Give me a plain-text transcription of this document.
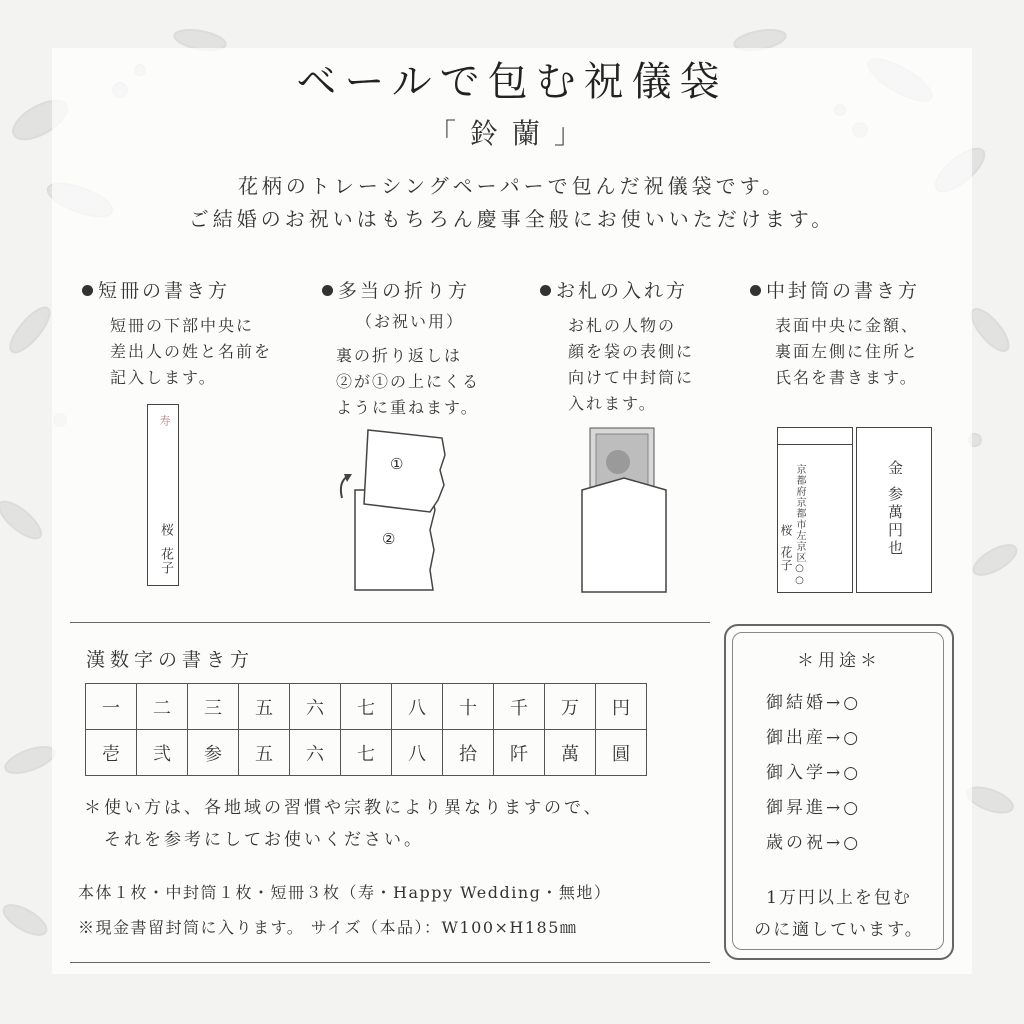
ベールで包む祝儀袋
「鈴蘭」
花柄のトレーシングペーパーで包んだ祝儀袋です。
ご結婚のお祝いはもちろん慶事全般にお使いいただけます。
短冊の書き方
短冊の下部中央に
差出人の姓と名前を
記入します。
寿
桜
花子
多当の折り方
（お祝い用）
裏の折り返しは
②が①の上にくる
ように重ねます。
①
②
お札の入れ方
お札の人物の
顔を袋の表側に
向けて中封筒に
入れます。
中封筒の書き方
表面中央に金額、
裏面左側に住所と
氏名を書きます。
京都府京都市左京区○○
桜
花子
金
参萬円也
漢数字の書き方
一	二	三	五	六	七	八	十	千	万	円
壱	弐	参	五	六	七	八	拾	阡	萬	圓
＊使い方は、各地域の習慣や宗教により異なりますので、
　それを参考にしてお使いください。
本体１枚・中封筒１枚・短冊３枚（寿・Happy Wedding・無地）
※現金書留封筒に入ります。 サイズ（本品）：W100×H185㎜
＊用途＊
御結婚→○
御出産→○
御入学→○
御昇進→○
歳の祝→○
1万円以上を包む
のに適しています。
